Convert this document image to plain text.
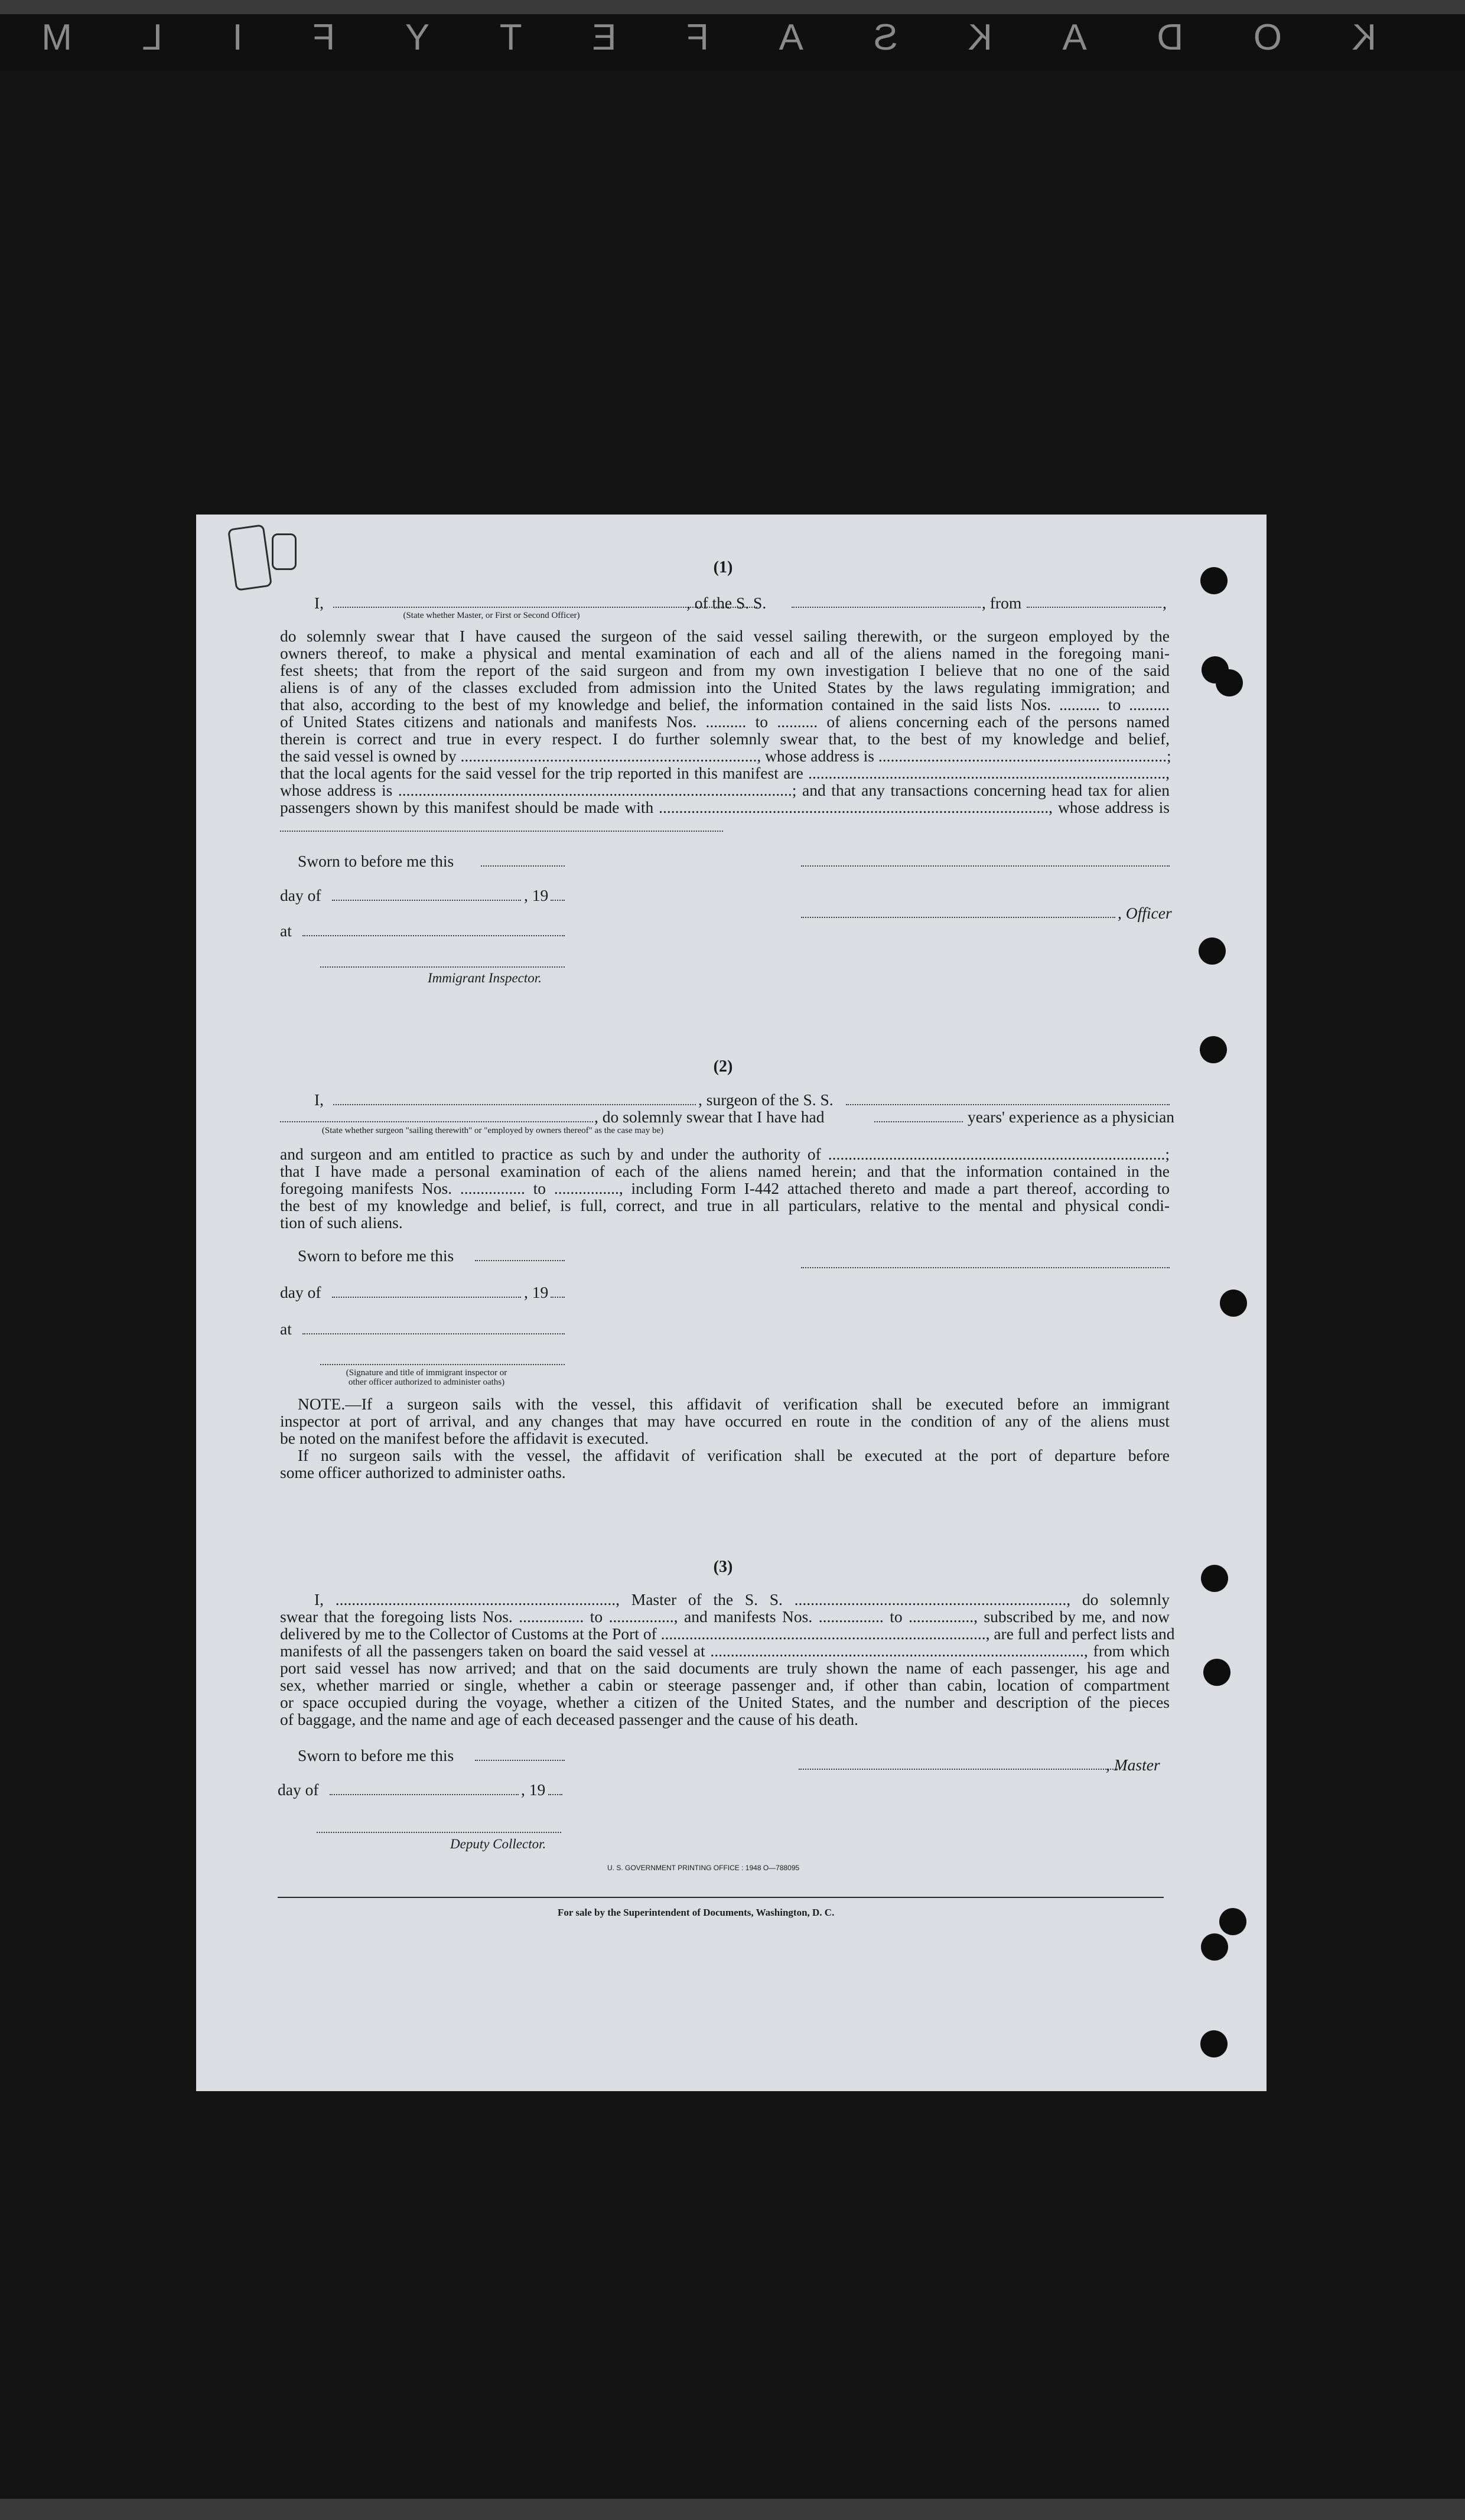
K
O
D
A
K
S
A
F
E
T
Y
F
I
L
M
(1)
I,	, of the S. S.	, from	,
(State whether Master, or First or Second Officer)
do solemnly swear that I have caused the surgeon of the said vessel sailing therewith, or the surgeon employed by the
owners thereof, to make a physical and mental examination of each and all of the aliens named in the foregoing mani-
fest sheets; that from the report of the said surgeon and from my own investigation I believe that no one of the said
aliens is of any of the classes excluded from admission into the United States by the laws regulating immigration; and
that also, according to the best of my knowledge and belief, the information contained in the said lists Nos. .......... to ..........
of United States citizens and nationals and manifests Nos. .......... to .......... of aliens concerning each of the persons named
therein is correct and true in every respect. I do further solemnly swear that, to the best of my knowledge and belief,
the said vessel is owned by ........................................................................., whose address is .......................................................................;
that the local agents for the said vessel for the trip reported in this manifest are ........................................................................................,
whose address is .................................................................................................; and that any transactions concerning head tax for alien
passengers shown by this manifest should be made with ................................................................................................, whose address is
Sworn to before me this
day of	, 19
, Officer
at
Immigrant Inspector.
(2)
I,	, surgeon of the S. S.
, do solemnly swear that I have had	years' experience as a physician
(State whether surgeon "sailing therewith" or "employed by owners thereof" as the case may be)
and surgeon and am entitled to practice as such by and under the authority of ...................................................................................;
that I have made a personal examination of each of the aliens named herein; and that the information contained in the
foregoing manifests Nos. ................ to ................, including Form I-442 attached thereto and made a part thereof, according to
the best of my knowledge and belief, is full, correct, and true in all particulars, relative to the mental and physical condi-
tion of such aliens.
Sworn to before me this
day of	, 19
at
(Signature and title of immigrant inspector or
other officer authorized to administer oaths)
NOTE.—If a surgeon sails with the vessel, this affidavit of verification shall be executed before an immigrant
inspector at port of arrival, and any changes that may have occurred en route in the condition of any of the aliens must
be noted on the manifest before the affidavit is executed.
If no surgeon sails with the vessel, the affidavit of verification shall be executed at the port of departure before
some officer authorized to administer oaths.
(3)
I, ....................................................................., Master of the S. S. ..................................................................., do solemnly
swear that the foregoing lists Nos. ................ to ................, and manifests Nos. ................ to ................, subscribed by me, and now
delivered by me to the Collector of Customs at the Port of ................................................................................, are full and perfect lists and
manifests of all the passengers taken on board the said vessel at ............................................................................................, from which
port said vessel has now arrived; and that on the said documents are truly shown the name of each passenger, his age and
sex, whether married or single, whether a cabin or steerage passenger and, if other than cabin, location of compartment
or space occupied during the voyage, whether a citizen of the United States, and the number and description of the pieces
of baggage, and the name and age of each deceased passenger and the cause of his death.
Sworn to before me this
, Master
day of	, 19
Deputy Collector.
U. S. GOVERNMENT PRINTING OFFICE : 1948 O—788095
For sale by the Superintendent of Documents, Washington, D. C.
